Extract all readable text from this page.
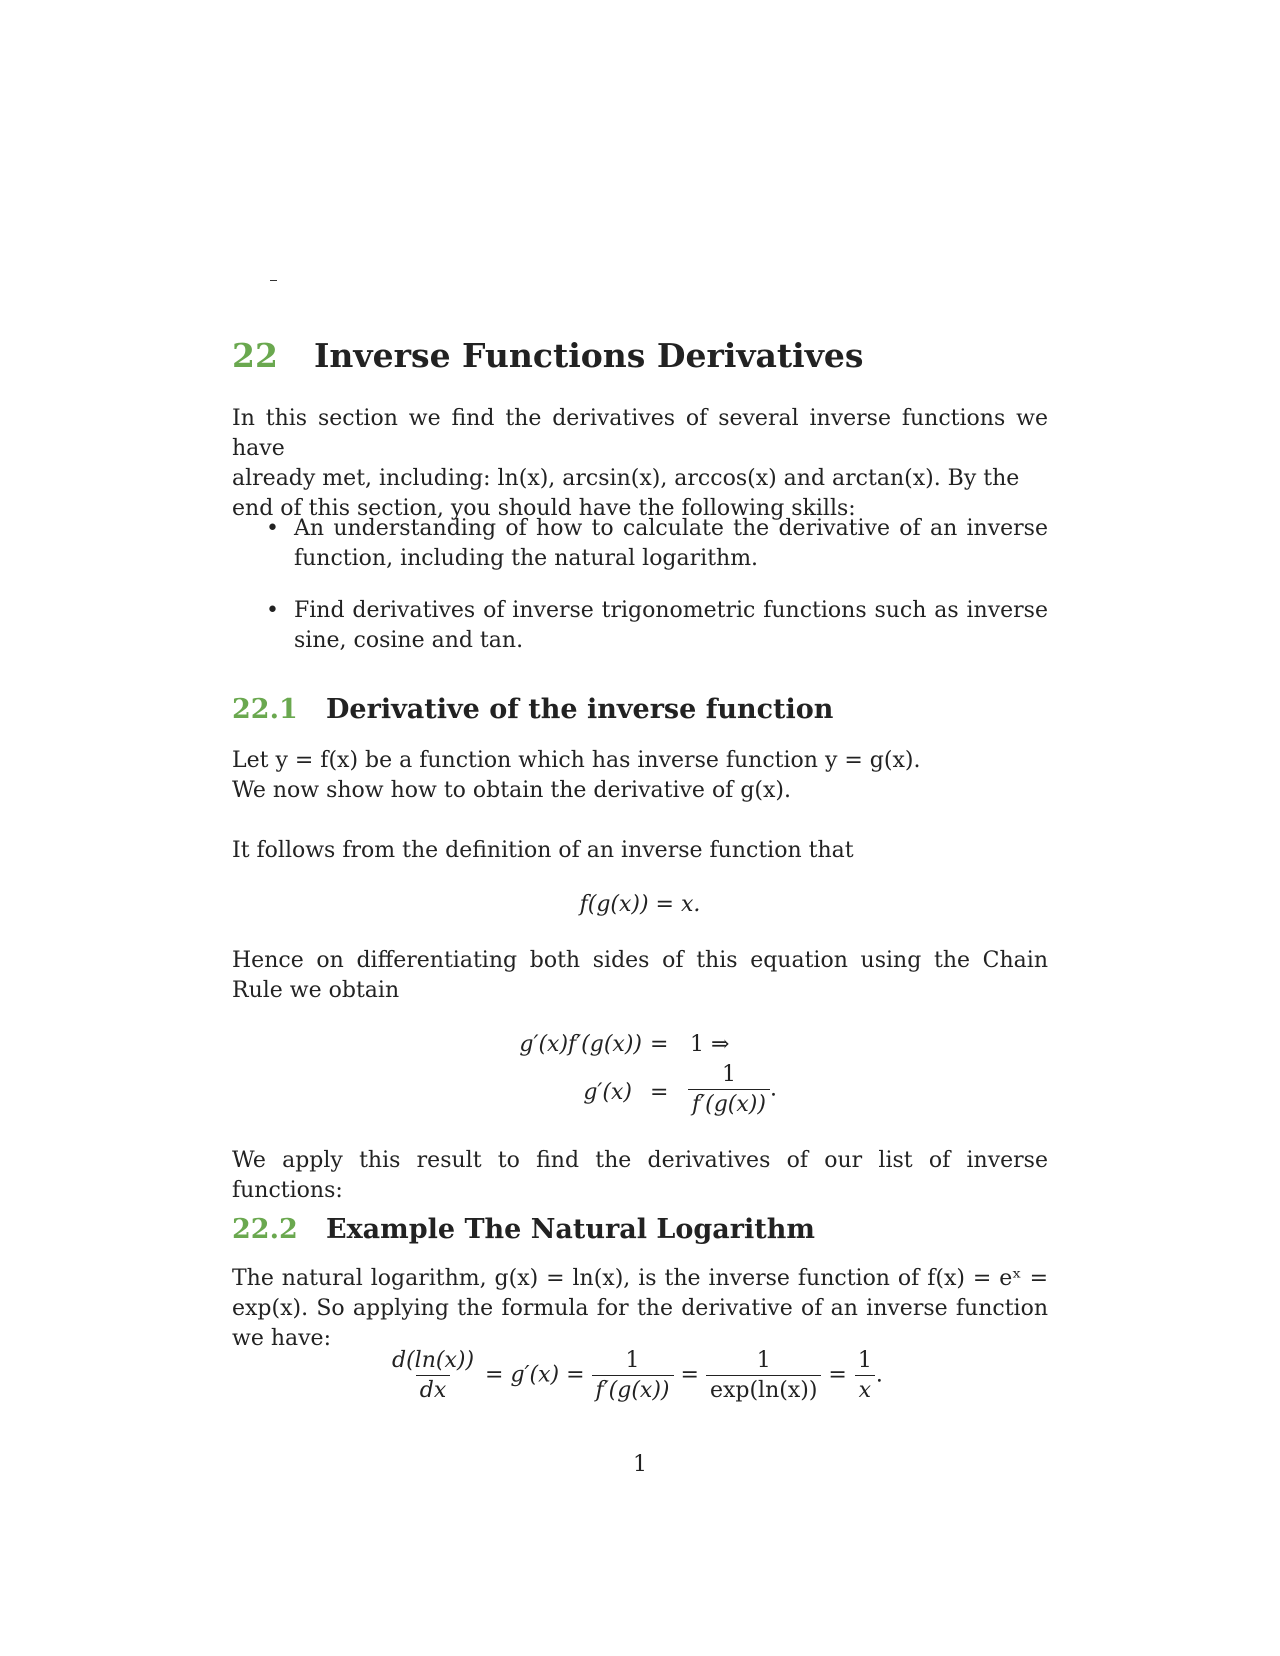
22 Inverse Functions Derivatives
In this section we find the derivatives of several inverse functions we have
already met, including: ln(x), arcsin(x), arccos(x) and arctan(x). By the
end of this section, you should have the following skills:
• An understanding of how to calculate the derivative of an inverse function, including the natural logarithm.
• Find derivatives of inverse trigonometric functions such as inverse sine, cosine and tan.
22.1 Derivative of the inverse function
Let y = f(x) be a function which has inverse function y = g(x).
We now show how to obtain the derivative of g(x).
It follows from the definition of an inverse function that
f(g(x)) = x.
Hence on differentiating both sides of this equation using the Chain Rule we obtain
g′(x)f′(g(x)) = 1 ⇒
$g'(x) = \frac{1}{f'(g(x))}$ .
We apply this result to find the derivatives of our list of inverse functions:
22.2 Example The Natural Logarithm
The natural logarithm, g(x) = ln(x), is the inverse function of f(x) = eˣ = exp(x). So applying the formula for the derivative of an inverse function we have:
$\frac{d(\ln(x))}{dx} = g'(x) = \frac{1}{f'(g(x))} = \frac{1}{\exp(\ln(x))} = \frac{1}{x}$ .
1
